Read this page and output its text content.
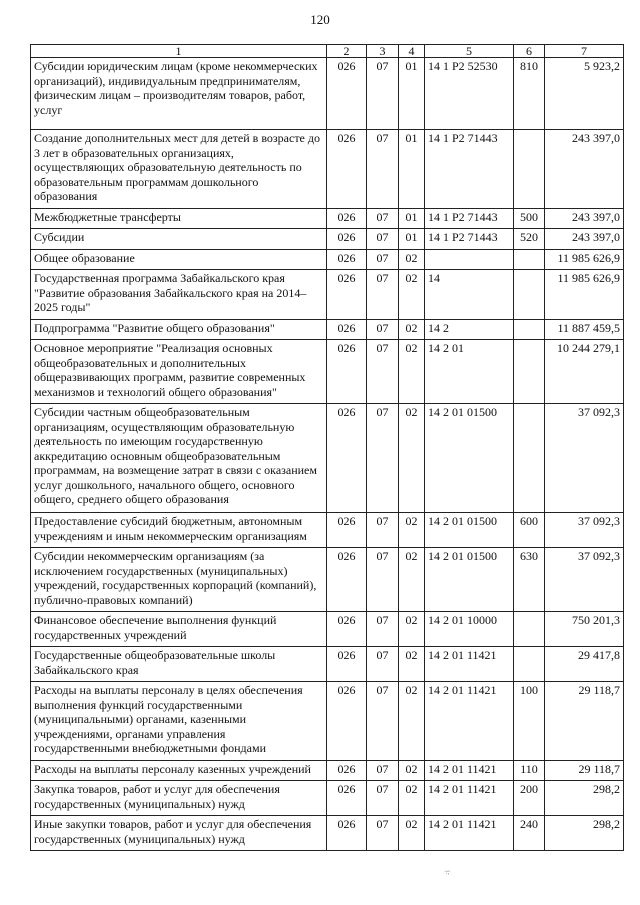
120
1	2	3	4	5	6	7
Субсидии юридическим лицам (кроме некоммерческих организаций), индивидуальным предпринимателям, физическим лицам – производителям товаров, работ, услуг	026	07	01	14 1 P2 52530	810	5 923,2
Создание дополнительных мест для детей в возрасте до 3 лет в образовательных организациях, осуществляющих образовательную деятельность по образовательным программам дошкольного образования	026	07	01	14 1 P2 71443		243 397,0
Межбюджетные трансферты	026	07	01	14 1 P2 71443	500	243 397,0
Субсидии	026	07	01	14 1 P2 71443	520	243 397,0
Общее образование	026	07	02			11 985 626,9
Государственная программа Забайкальского края "Развитие образования Забайкальского края на 2014–2025 годы"	026	07	02	14		11 985 626,9
Подпрограмма "Развитие общего образования"	026	07	02	14 2		11 887 459,5
Основное мероприятие "Реализация основных общеобразовательных и дополнительных общеразвивающих программ, развитие современных механизмов и технологий общего образования"	026	07	02	14 2 01		10 244 279,1
Субсидии частным общеобразовательным организациям, осуществляющим образовательную деятельность по имеющим государственную аккредитацию основным общеобразовательным программам, на возмещение затрат в связи с оказанием услуг дошкольного, начального общего, основного общего, среднего общего образования	026	07	02	14 2 01 01500		37 092,3
Предоставление субсидий бюджетным, автономным учреждениям и иным некоммерческим организациям	026	07	02	14 2 01 01500	600	37 092,3
Субсидии некоммерческим организациям (за исключением государственных (муниципальных) учреждений, государственных корпораций (компаний), публично-правовых компаний)	026	07	02	14 2 01 01500	630	37 092,3
Финансовое обеспечение выполнения функций государственных учреждений	026	07	02	14 2 01 10000		750 201,3
Государственные общеобразовательные школы Забайкальского края	026	07	02	14 2 01 11421		29 417,8
Расходы на выплаты персоналу в целях обеспечения выполнения функций государственными (муниципальными) органами, казенными учреждениями, органами управления государственными внебюджетными фондами	026	07	02	14 2 01 11421	100	29 118,7
Расходы на выплаты персоналу казенных учреждений	026	07	02	14 2 01 11421	110	29 118,7
Закупка товаров, работ и услуг для обеспечения государственных (муниципальных) нужд	026	07	02	14 2 01 11421	200	298,2
Иные закупки товаров, работ и услуг для обеспечения государственных (муниципальных) нужд	026	07	02	14 2 01 11421	240	298,2
·:·;·
